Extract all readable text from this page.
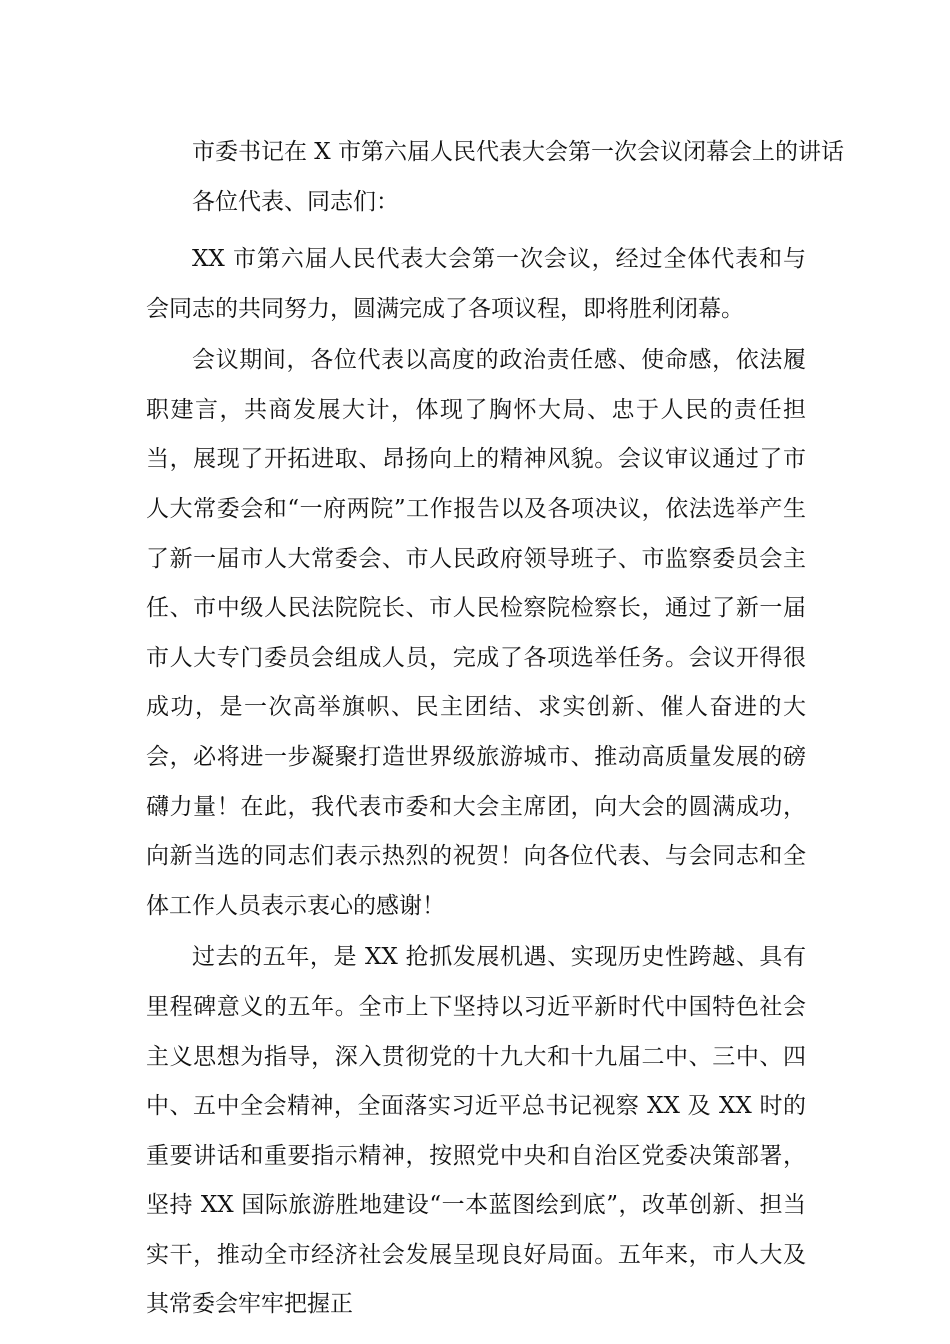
市委书记在 X 市第六届人民代表大会第一次会议闭幕会上的讲话

各位代表、同志们：

XX 市第六届人民代表大会第一次会议，经过全体代表和与会同志的共同努力，圆满完成了各项议程，即将胜利闭幕。

会议期间，各位代表以高度的政治责任感、使命感，依法履职建言，共商发展大计，体现了胸怀大局、忠于人民的责任担当，展现了开拓进取、昂扬向上的精神风貌。会议审议通过了市人大常委会和“一府两院”工作报告以及各项决议，依法选举产生了新一届市人大常委会、市人民政府领导班子、市监察委员会主任、市中级人民法院院长、市人民检察院检察长，通过了新一届市人大专门委员会组成人员，完成了各项选举任务。会议开得很成功，是一次高举旗帜、民主团结、求实创新、催人奋进的大会，必将进一步凝聚打造世界级旅游城市、推动高质量发展的磅礴力量！在此，我代表市委和大会主席团，向大会的圆满成功，向新当选的同志们表示热烈的祝贺！向各位代表、与会同志和全体工作人员表示衷心的感谢！

过去的五年，是 XX 抢抓发展机遇、实现历史性跨越、具有里程碑意义的五年。全市上下坚持以习近平新时代中国特色社会主义思想为指导，深入贯彻党的十九大和十九届二中、三中、四中、五中全会精神，全面落实习近平总书记视察 XX 及 XX 时的重要讲话和重要指示精神，按照党中央和自治区党委决策部署，坚持 XX 国际旅游胜地建设“一本蓝图绘到底”，改革创新、担当实干，推动全市经济社会发展呈现良好局面。五年来，市人大及其常委会牢牢把握正
